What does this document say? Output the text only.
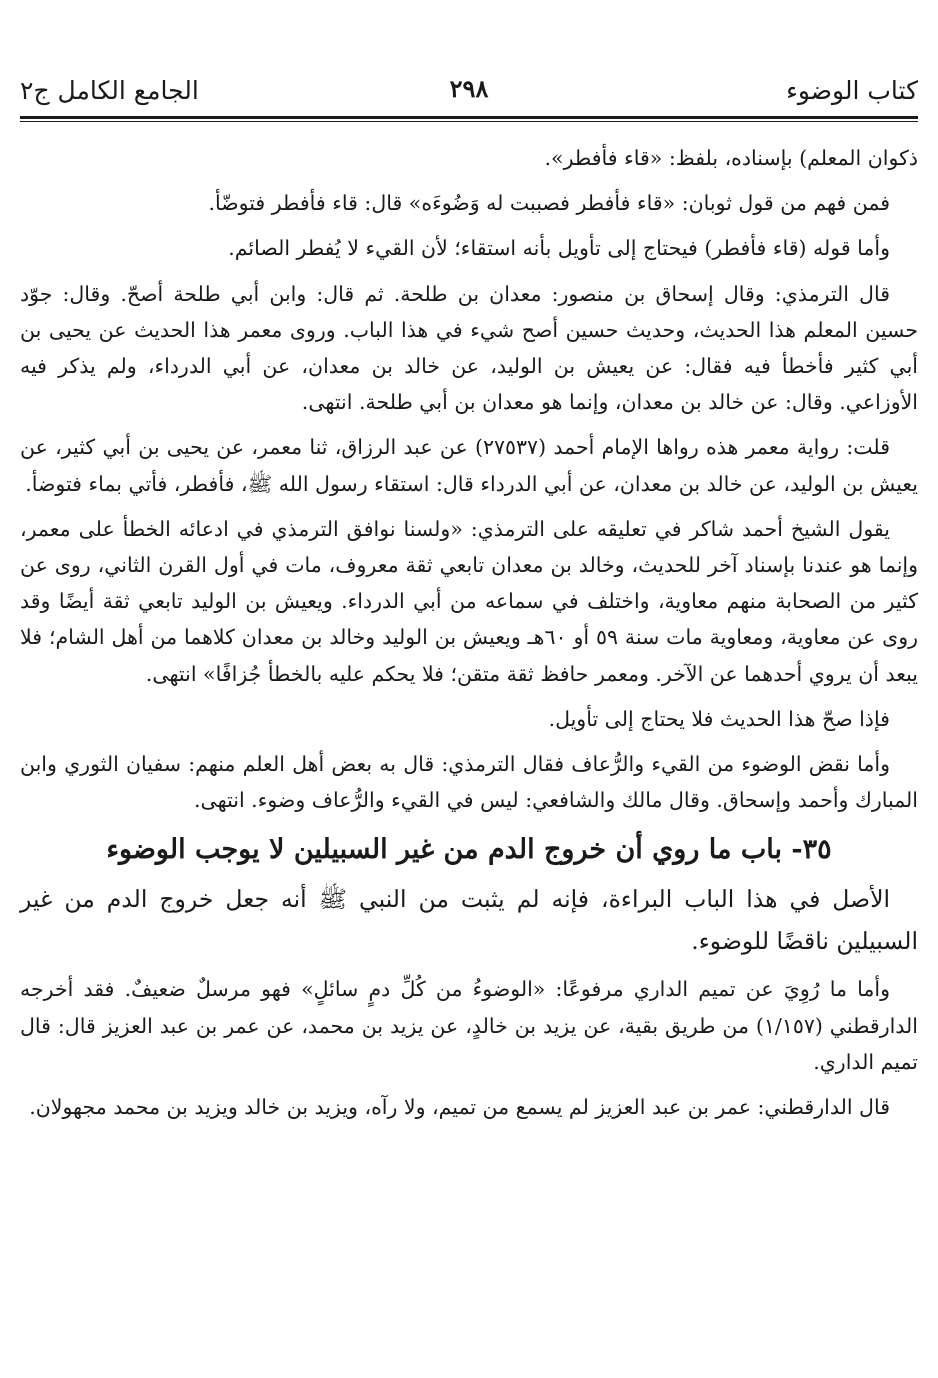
٢٩٨	كتاب الوضوء
الجامع الكامل ج٢

ذكوان المعلم) بإسناده، بلفظ: «قاء فأفطر».

فمن فهم من قول ثوبان: «قاء فأفطر فصببت له وَضُوءَه» قال: قاء فأفطر فتوضّأ.

وأما قوله (قاء فأفطر) فيحتاج إلى تأويل بأنه استقاء؛ لأن القيء لا يُفطر الصائم.

قال الترمذي: وقال إسحاق بن منصور: معدان بن طلحة. ثم قال: وابن أبي طلحة أصحّ. وقال: جوّد حسين المعلم هذا الحديث، وحديث حسين أصح شيء في هذا الباب. وروى معمر هذا الحديث عن يحيى بن أبي كثير فأخطأ فيه فقال: عن يعيش بن الوليد، عن خالد بن معدان، عن أبي الدرداء، ولم يذكر فيه الأوزاعي. وقال: عن خالد بن معدان، وإنما هو معدان بن أبي طلحة. انتهى.

قلت: رواية معمر هذه رواها الإمام أحمد (٢٧٥٣٧) عن عبد الرزاق، ثنا معمر، عن يحيى بن أبي كثير، عن يعيش بن الوليد، عن خالد بن معدان، عن أبي الدرداء قال: استقاء رسول الله ﷺ، فأفطر، فأتي بماء فتوضأ.

يقول الشيخ أحمد شاكر في تعليقه على الترمذي: «ولسنا نوافق الترمذي في ادعائه الخطأ على معمر، وإنما هو عندنا بإسناد آخر للحديث، وخالد بن معدان تابعي ثقة معروف، مات في أول القرن الثاني، روى عن كثير من الصحابة منهم معاوية، واختلف في سماعه من أبي الدرداء. ويعيش بن الوليد تابعي ثقة أيضًا وقد روى عن معاوية، ومعاوية مات سنة ٥٩ أو ٦٠هـ ويعيش بن الوليد وخالد بن معدان كلاهما من أهل الشام؛ فلا يبعد أن يروي أحدهما عن الآخر. ومعمر حافظ ثقة متقن؛ فلا يحكم عليه بالخطأ جُزافًا» انتهى.

فإذا صحّ هذا الحديث فلا يحتاج إلى تأويل.

وأما نقض الوضوء من القيء والرُّعاف فقال الترمذي: قال به بعض أهل العلم منهم: سفيان الثوري وابن المبارك وأحمد وإسحاق. وقال مالك والشافعي: ليس في القيء والرُّعاف وضوء. انتهى.

٣٥- باب ما روي أن خروج الدم من غير السبيلين لا يوجب الوضوء

الأصل في هذا الباب البراءة، فإنه لم يثبت من النبي ﷺ أنه جعل خروج الدم من غير السبيلين ناقضًا للوضوء.

وأما ما رُوِيَ عن تميم الداري مرفوعًا: «الوضوءُ من كُلِّ دمٍ سائلٍ» فهو مرسلٌ ضعيفٌ. فقد أخرجه الدارقطني (١/١٥٧) من طريق بقية، عن يزيد بن خالدٍ، عن يزيد بن محمد، عن عمر بن عبد العزيز قال: قال تميم الداري.

قال الدارقطني: عمر بن عبد العزيز لم يسمع من تميم، ولا رآه، ويزيد بن خالد ويزيد بن محمد مجهولان.
